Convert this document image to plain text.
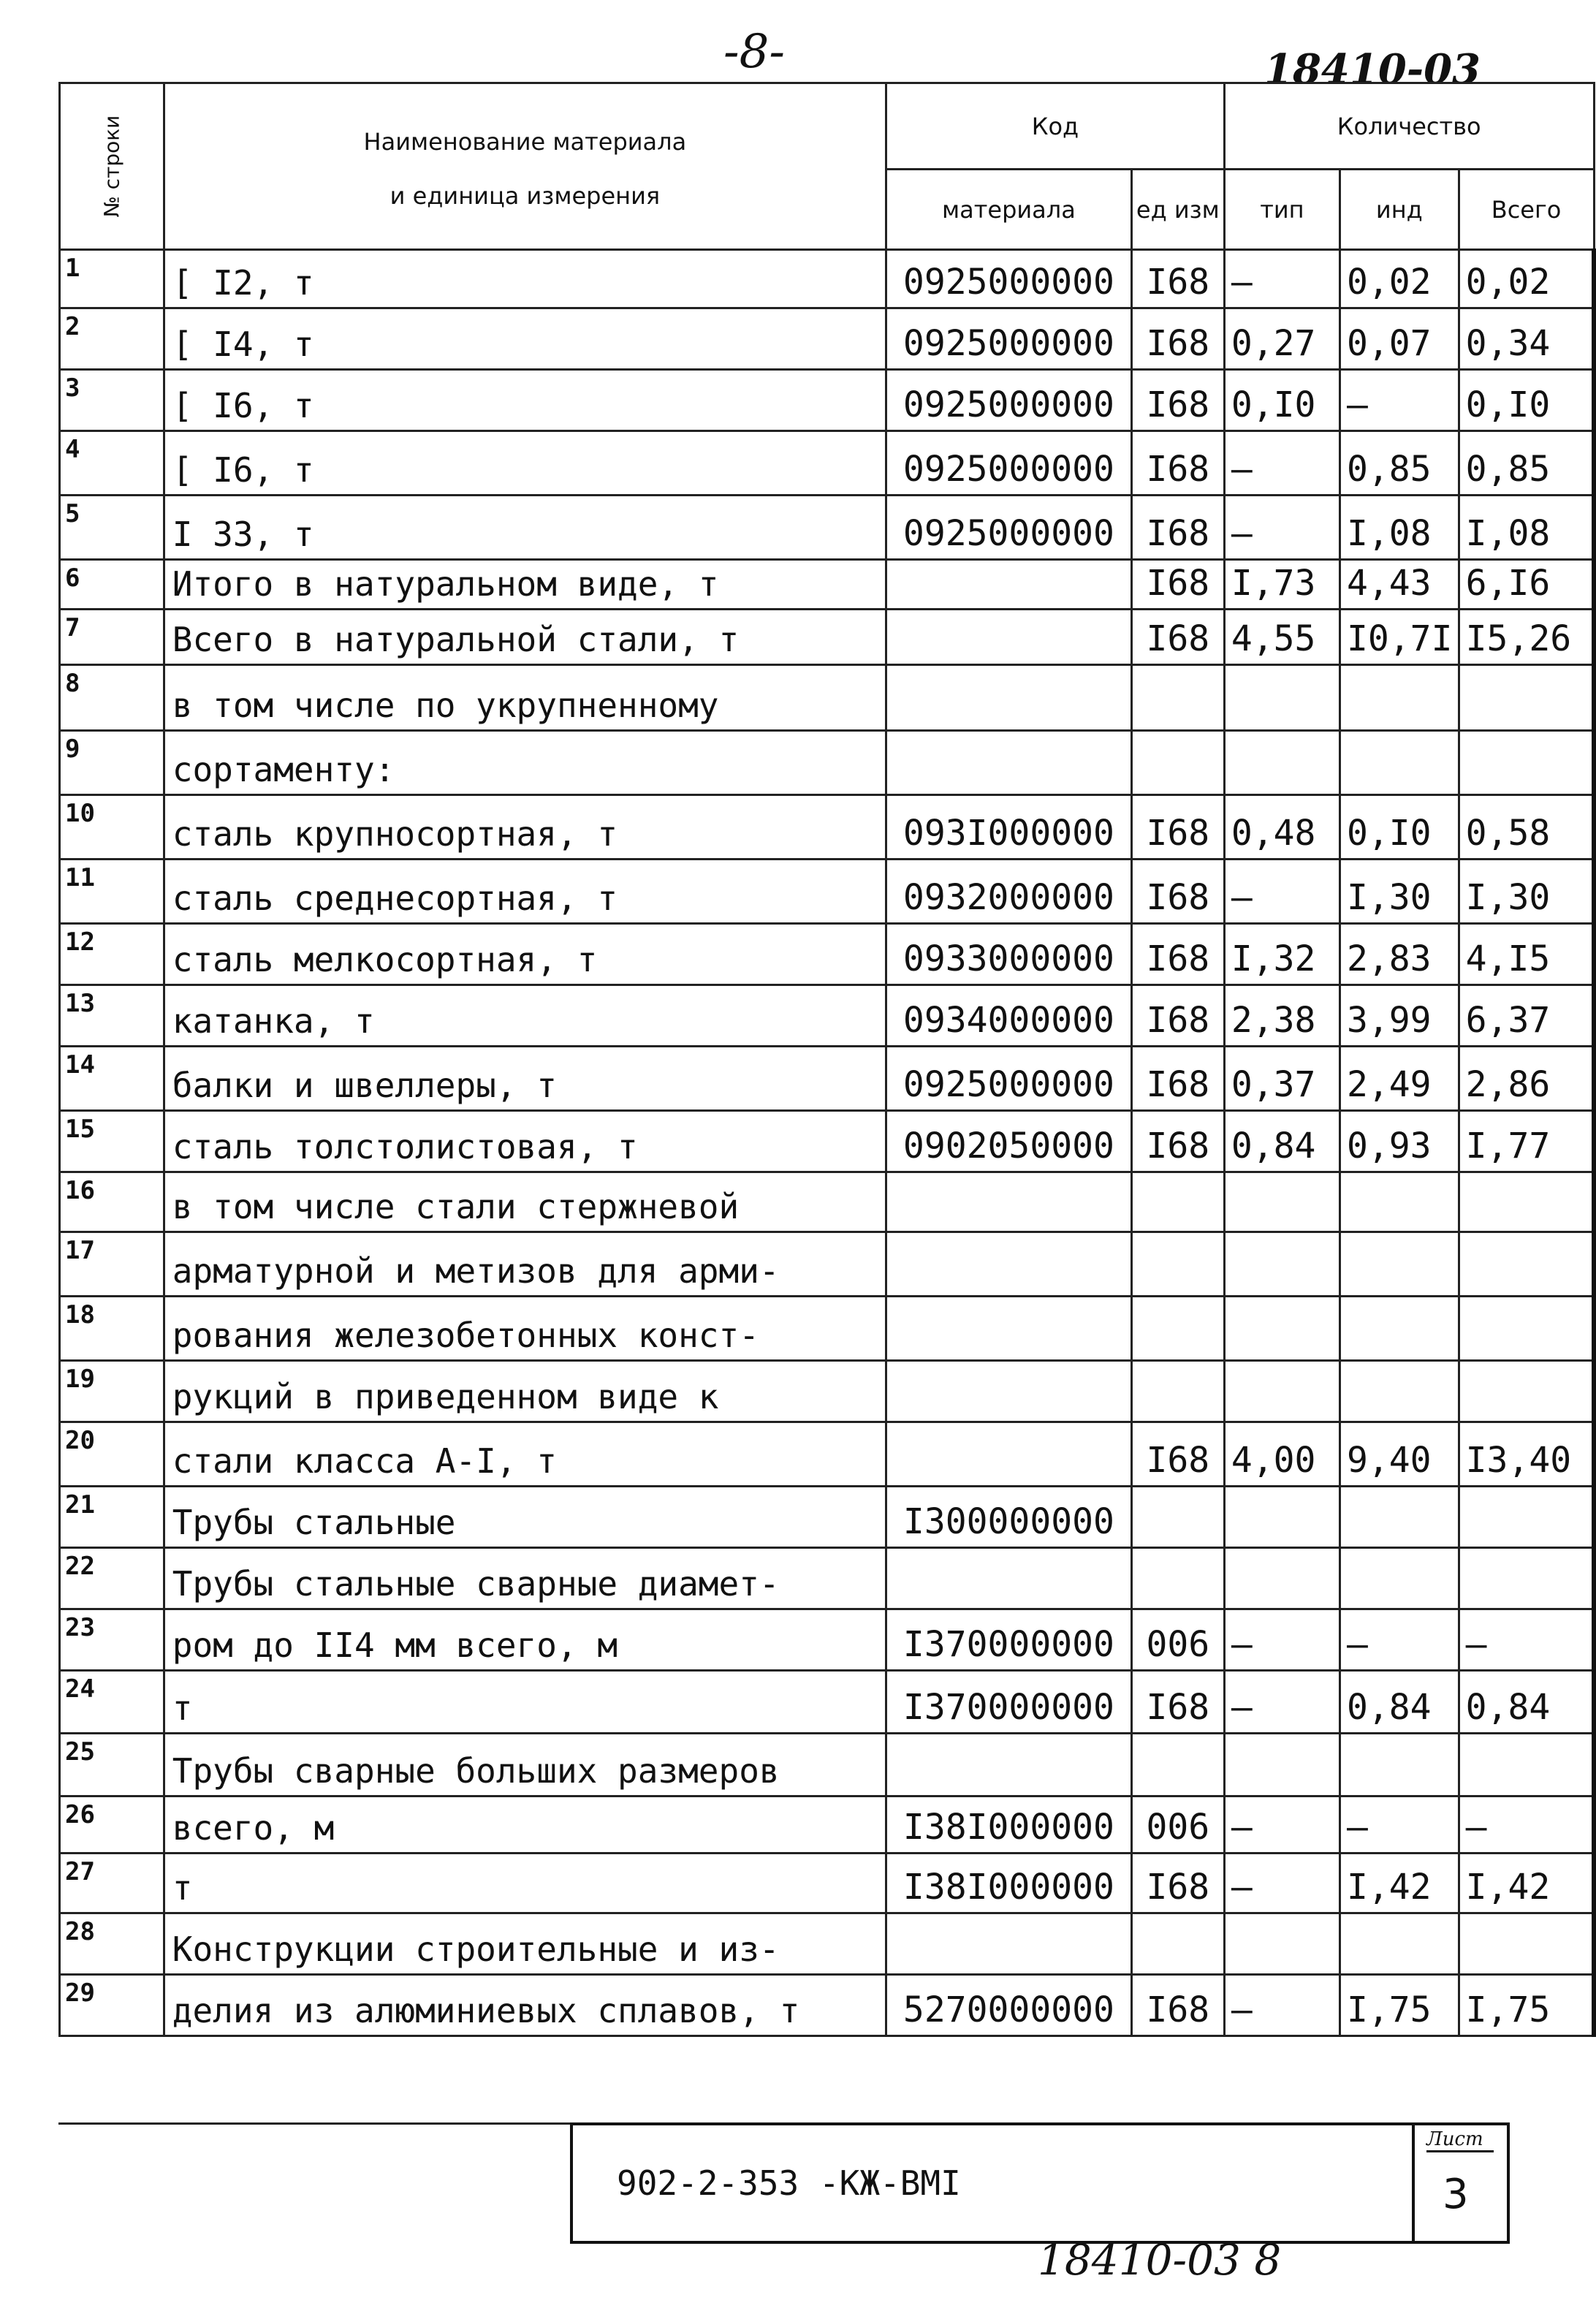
-8-	18410-03
№ строки	Наименование материала
и единица измерения	Код		Количество		
		материала	ед изм	тип	инд	Всего
1	[ I2, т	0925000000	I68	–	0,02	0,02
2	[ I4, т	0925000000	I68	0,27	0,07	0,34
3	[ I6, т	0925000000	I68	0,I0	–	0,I0
4	[ I6, т	0925000000	I68	–	0,85	0,85
5	I 33, т	0925000000	I68	–	I,08	I,08
6	Итого в натуральном виде, т		I68	I,73	4,43	6,I6
7	Всего в натуральной стали, т		I68	4,55	I0,7I	I5,26
8	в том числе по укрупненному					
9	сортаменту:					
10	сталь крупносортная, т	093I000000	I68	0,48	0,I0	0,58
11	сталь среднесортная, т	0932000000	I68	–	I,30	I,30
12	сталь мелкосортная, т	0933000000	I68	I,32	2,83	4,I5
13	катанка, т	0934000000	I68	2,38	3,99	6,37
14	балки и швеллеры, т	0925000000	I68	0,37	2,49	2,86
15	сталь толстолистовая, т	0902050000	I68	0,84	0,93	I,77
16	в том числе стали стержневой					
17	арматурной и метизов для арми-					
18	рования железобетонных конст-					
19	рукций в приведенном виде к					
20	стали класса А-I, т		I68	4,00	9,40	I3,40
21	Трубы стальные	I300000000				
22	Трубы стальные сварные диамет-					
23	ром до II4 мм всего, м	I370000000	006	–	–	–
24	т	I370000000	I68	–	0,84	0,84
25	Трубы сварные больших размеров					
26	всего, м	I38I000000	006	–	–	–
27	т	I38I000000	I68	–	I,42	I,42
28	Конструкции строительные и из-					
29	делия из алюминиевых сплавов, т	5270000000	I68	–	I,75	I,75
902-2-353 -КЖ-ВМI
Лист
3
18410-03 8
